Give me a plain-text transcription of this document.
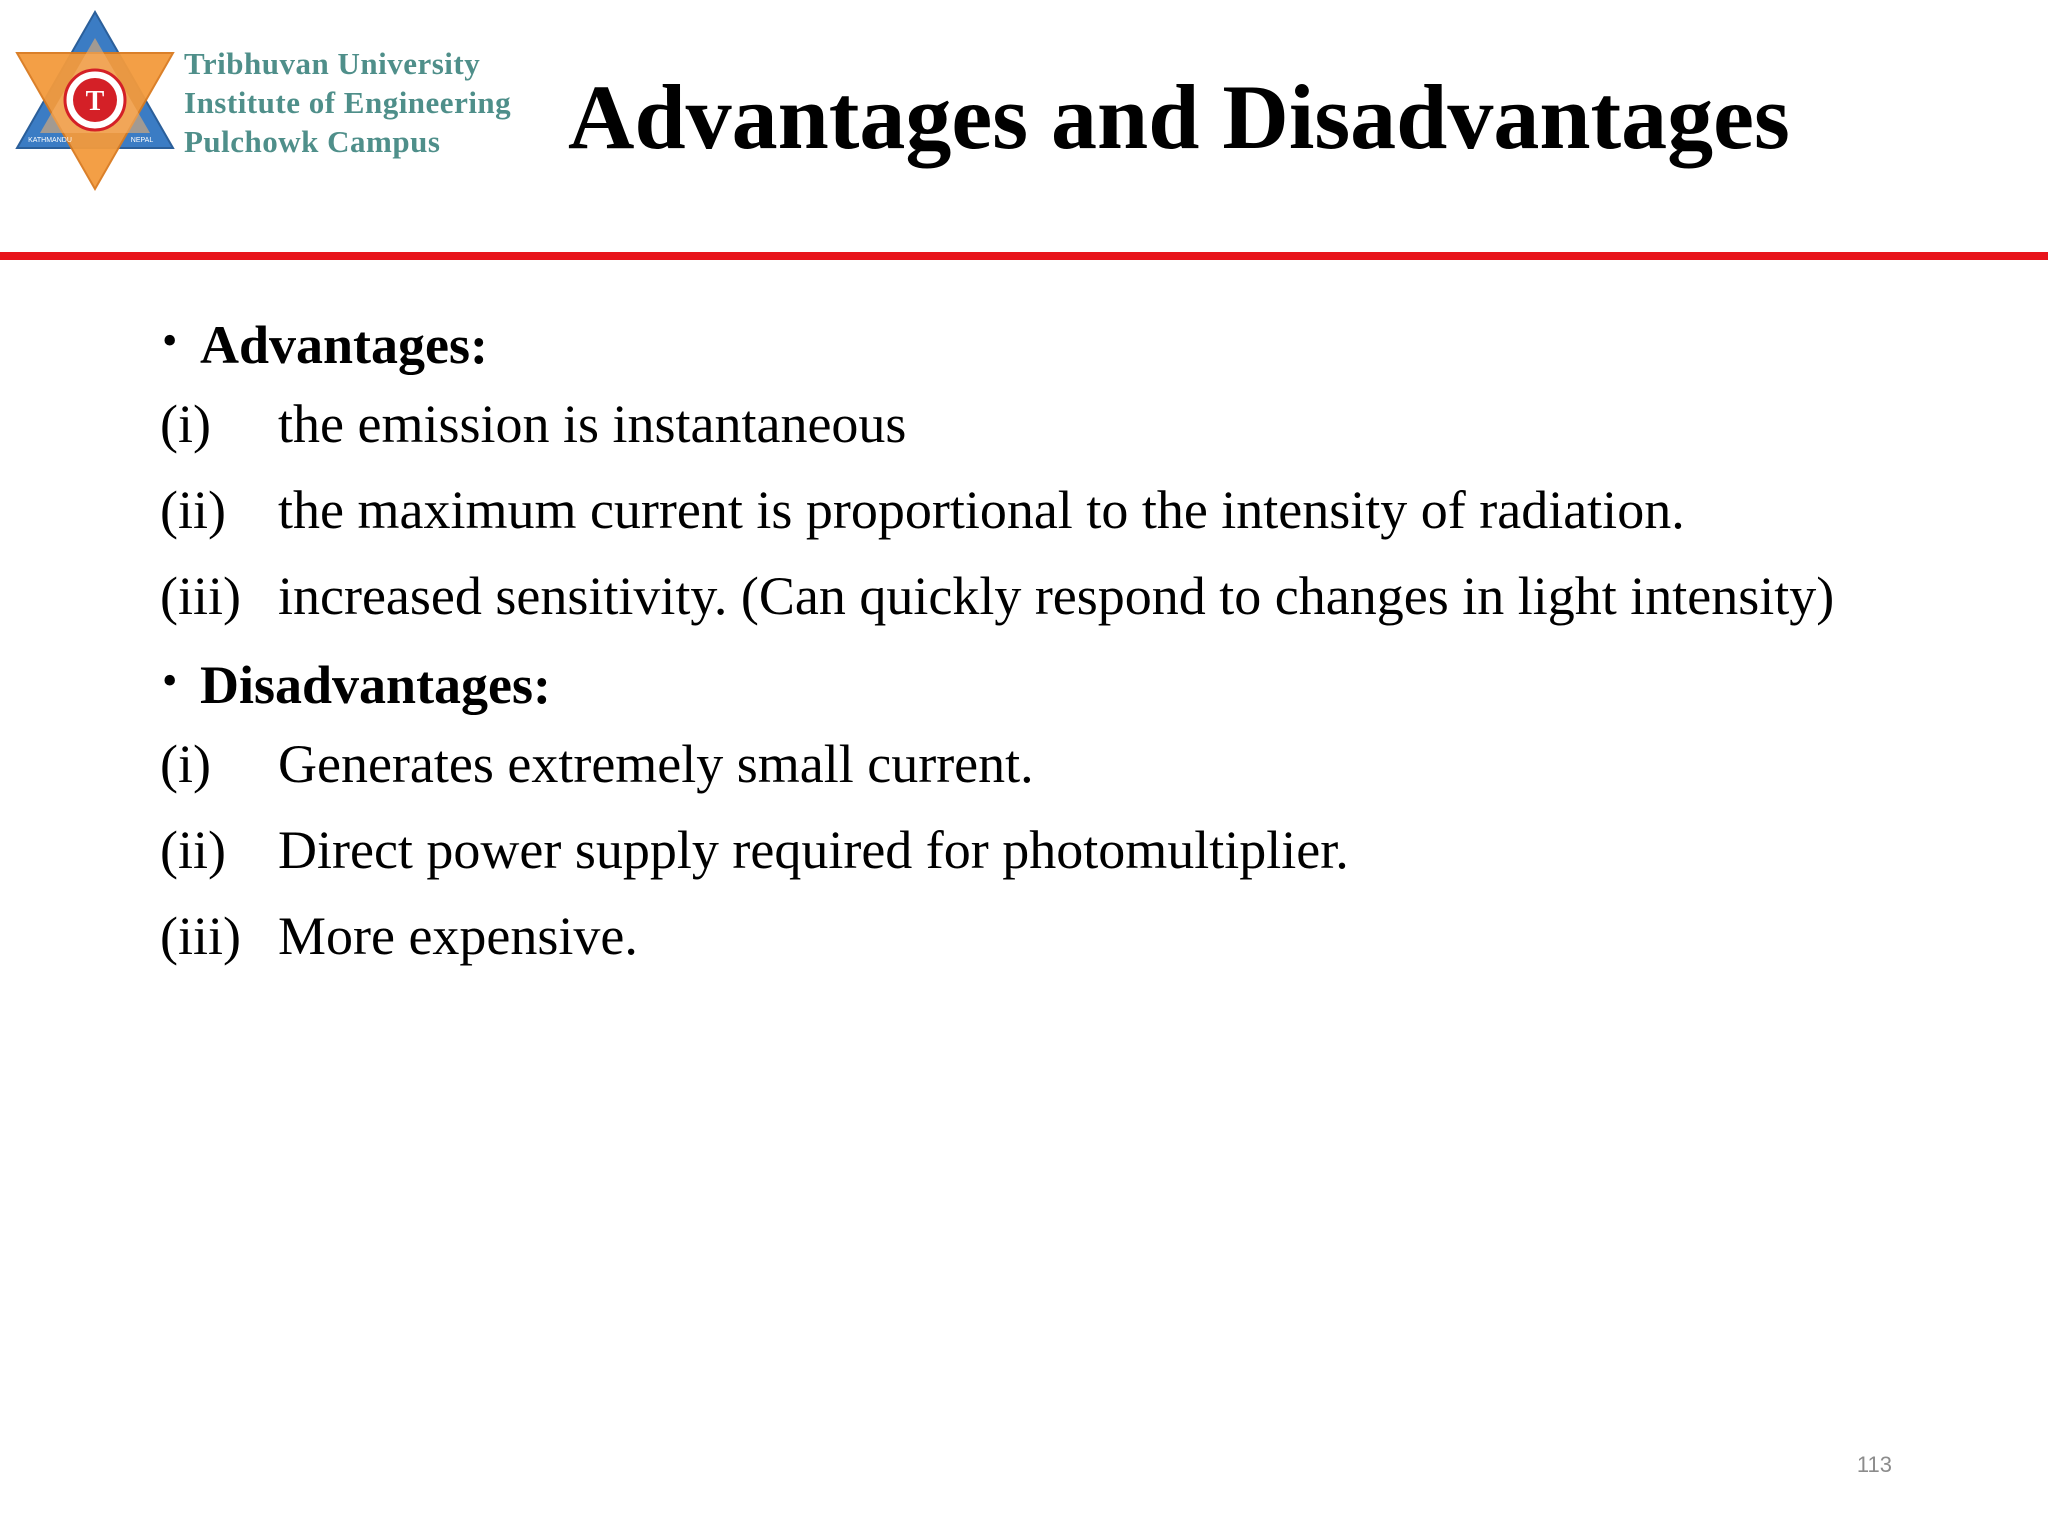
T
KATHMANDU	NEPAL
Tribhuvan University
Institute of Engineering
Pulchowk Campus	Advantages and Disadvantages
• Advantages:
(i)	the emission is instantaneous
(ii) the maximum current is proportional to the intensity of radiation.
(iii) increased sensitivity. (Can quickly respond to changes in light intensity)
• Disadvantages:
(i)	Generates extremely small current.
(ii) Direct power supply required for photomultiplier.
(iii) More expensive.
113
